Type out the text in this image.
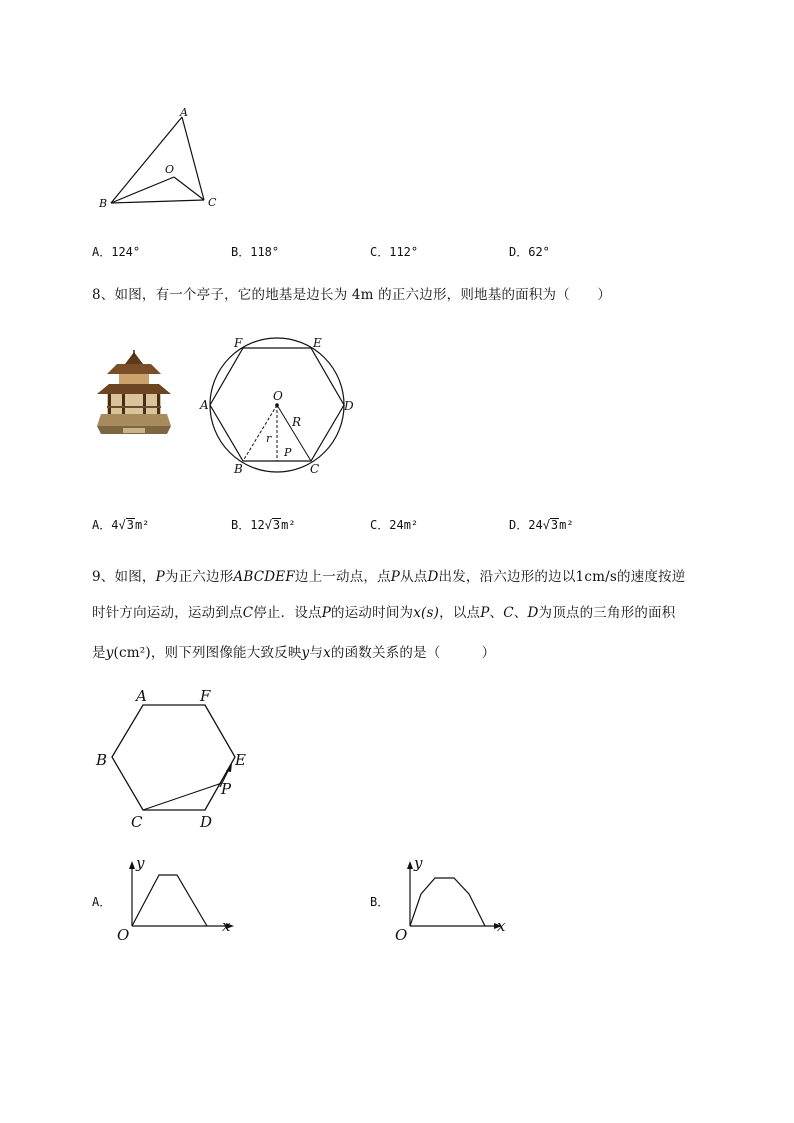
A
B	C
O
A．124°	B．118°	C．112°	D．62°
8、如图，有一个亭子，它的地基是边长为 4m 的正六边形，则地基的面积为（　　）
F	E
A	D
B	C
O
R
r
P
A．4√3m²	B．12√3m²	C．24m²	D．24√3m²
9、如图，P为正六边形ABCDEF边上一动点，点P从点D出发，沿六边形的边以1cm/s的速度按逆
时针方向运动，运动到点C停止．设点P的运动时间为x(s)，以点P、C、D为顶点的三角形的面积
是y(cm²)，则下列图像能大致反映y与x的函数关系的是（　　　）
A	F
B	E
P
C	D
A．
y
x
O
B．
y
x
O
